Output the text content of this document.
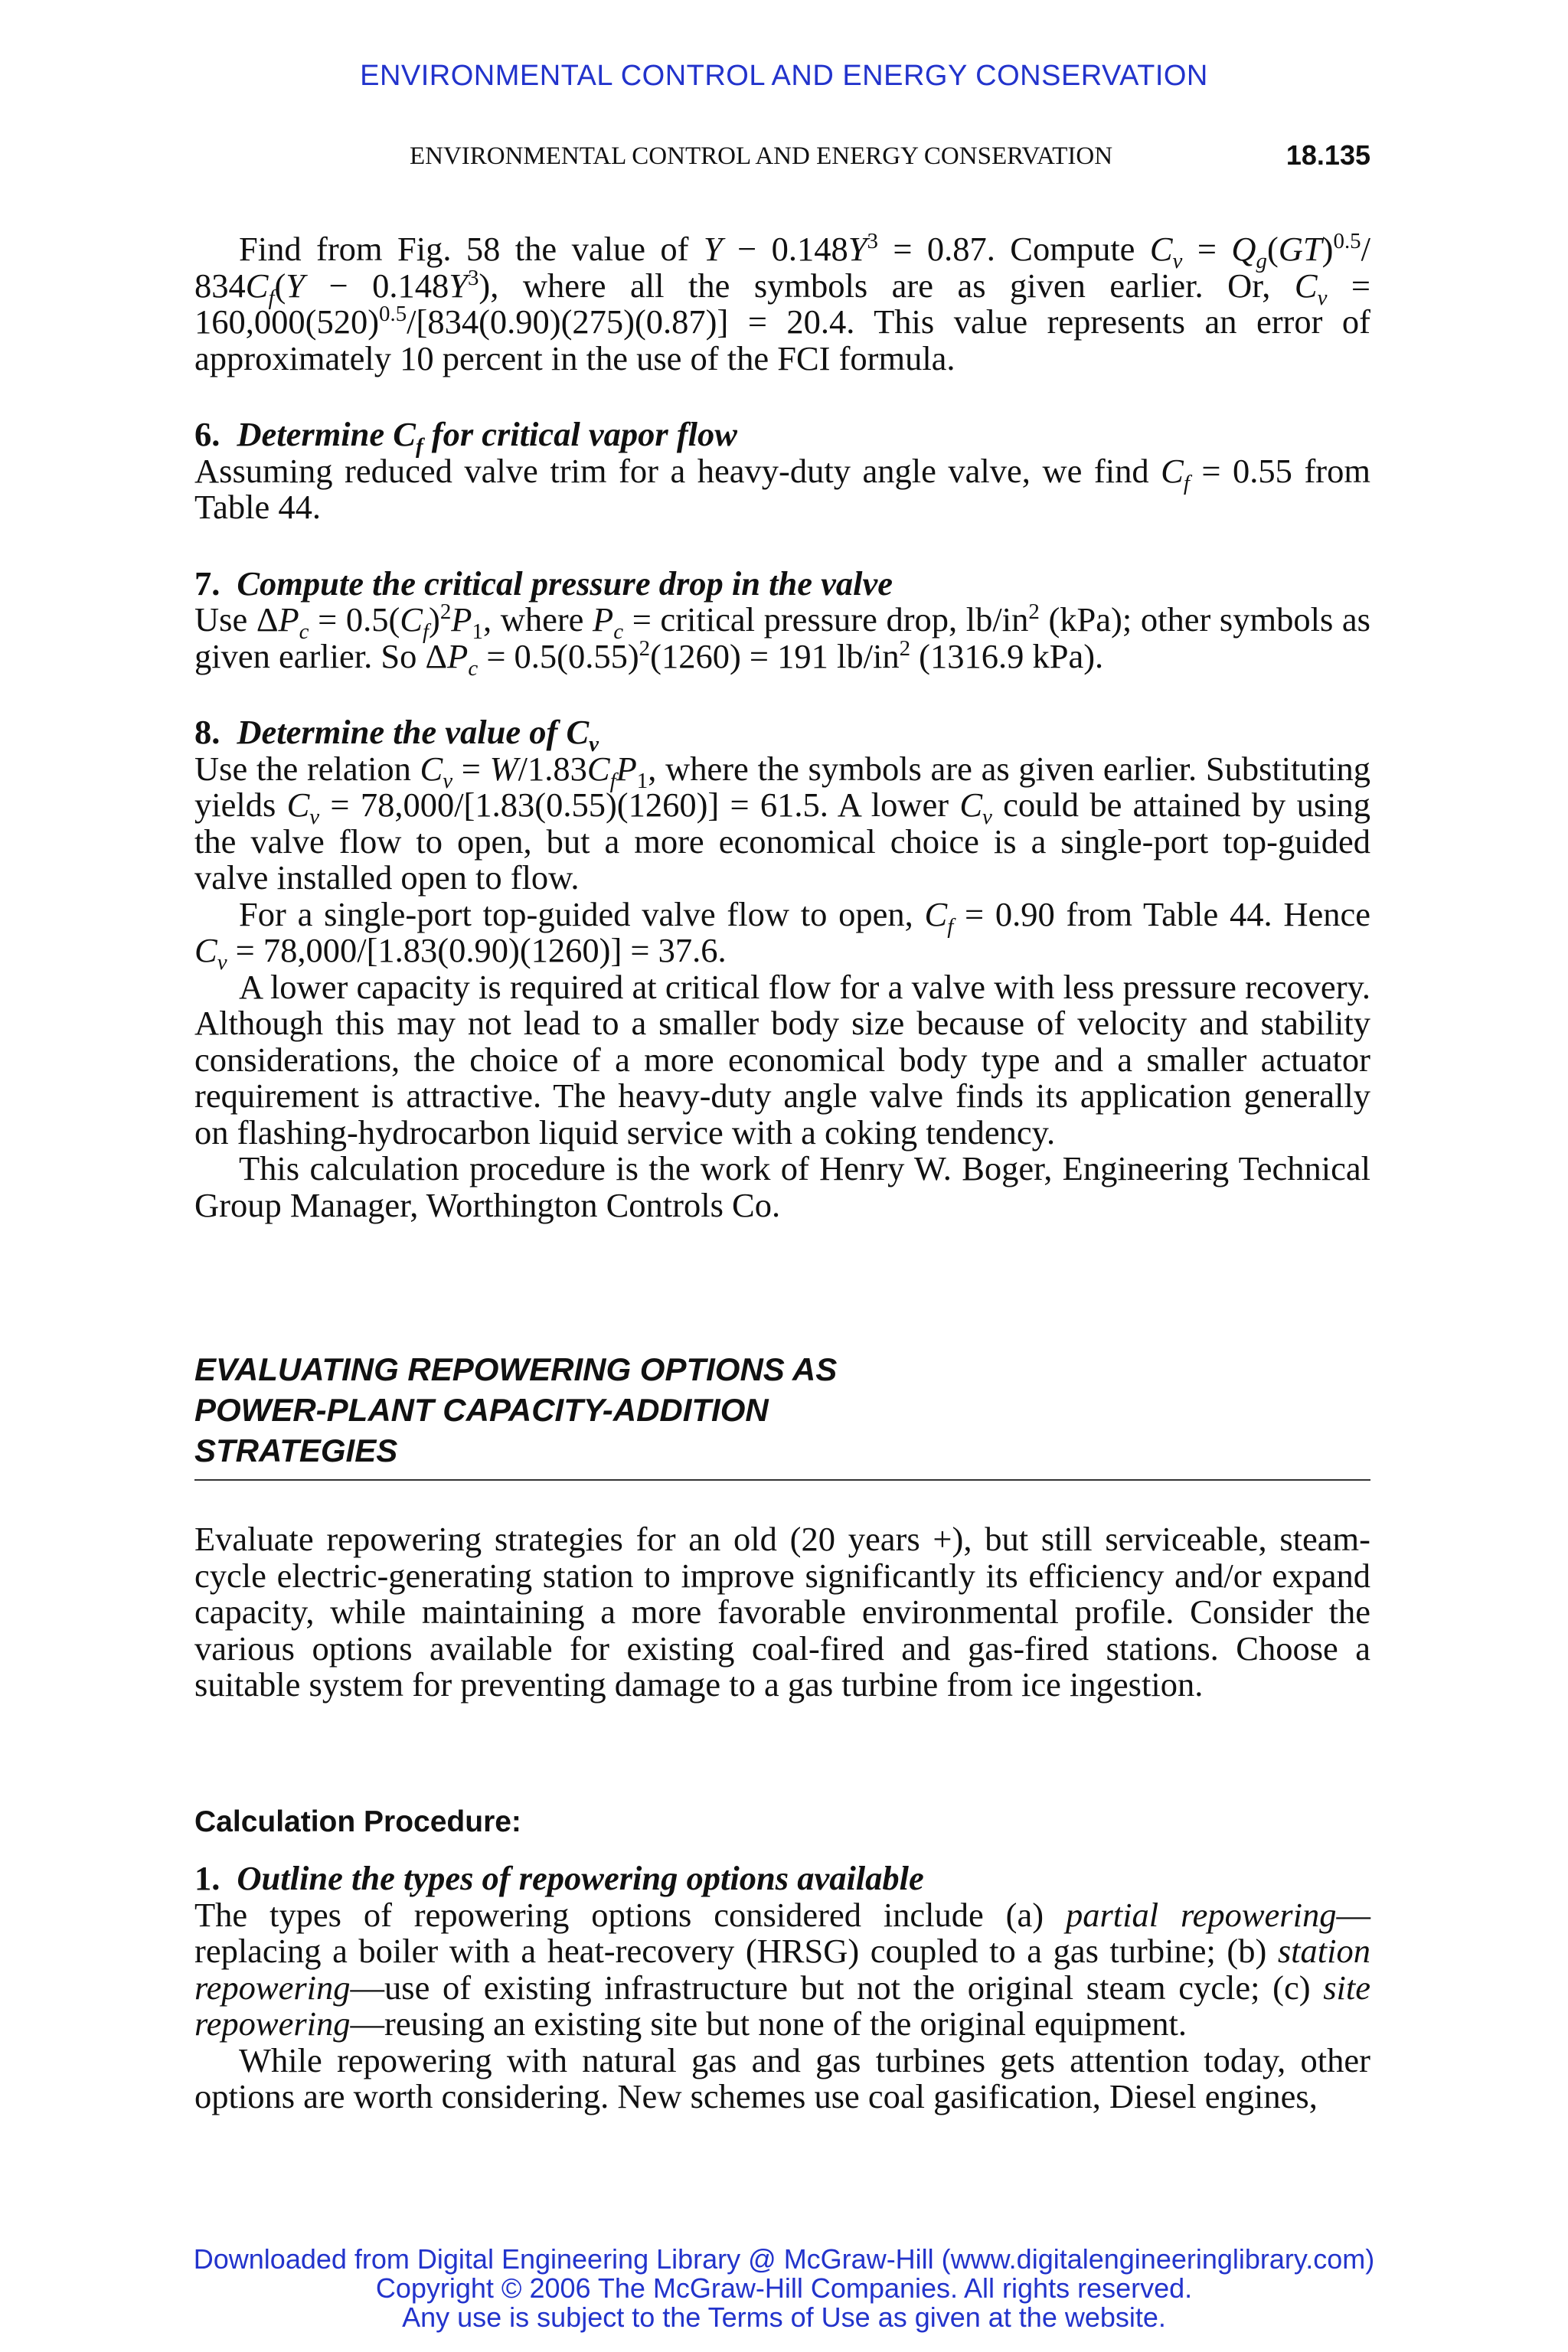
ENVIRONMENTAL CONTROL AND ENERGY CONSERVATION
ENVIRONMENTAL CONTROL AND ENERGY CONSERVATION	18.135

Find from Fig. 58 the value of $Y - 0.148Y^3 = 0.87$. Compute $C_v = Q_g(GT)^{0.5}/$ $834C_f(Y - 0.148Y^3)$, where all the symbols are as given earlier. Or, $C_v = 160,000(520)^{0.5}/[834(0.90)(275)(0.87)] = 20.4$. This value represents an error of approximately 10 percent in the use of the FCI formula.

6. Determine $C_f$ for critical vapor flow

Assuming reduced valve trim for a heavy-duty angle valve, we find $C_f = 0.55$ from Table 44.

7. Compute the critical pressure drop in the valve

Use $\Delta P_c = 0.5(C_f)^2P_1$, where $P_c$ = critical pressure drop, $lb/in^2$ (kPa); other symbols as given earlier. So $\Delta P_c = 0.5(0.55)^2(1260) = 191$ $lb/in^2$ (1316.9 kPa).

8. Determine the value of $C_v$

Use the relation $C_v = W/1.83C_fP_1$, where the symbols are as given earlier. Substituting yields $C_v = 78,000/[1.83(0.55)(1260)] = 61.5$. A lower $C_v$ could be attained by using the valve flow to open, but a more economical choice is a single-port top-guided valve installed open to flow.

For a single-port top-guided valve flow to open, $C_f = 0.90$ from Table 44. Hence $C_v = 78,000/[1.83(0.90)(1260)] = 37.6$.

A lower capacity is required at critical flow for a valve with less pressure recovery. Although this may not lead to a smaller body size because of velocity and stability considerations, the choice of a more economical body type and a smaller actuator requirement is attractive. The heavy-duty angle valve finds its application generally on flashing-hydrocarbon liquid service with a coking tendency.

This calculation procedure is the work of Henry W. Boger, Engineering Technical Group Manager, Worthington Controls Co.

EVALUATING REPOWERING OPTIONS AS
POWER-PLANT CAPACITY-ADDITION
STRATEGIES

Evaluate repowering strategies for an old (20 years +), but still serviceable, steam-cycle electric-generating station to improve significantly its efficiency and/or expand capacity, while maintaining a more favorable environmental profile. Consider the various options available for existing coal-fired and gas-fired stations. Choose a suitable system for preventing damage to a gas turbine from ice ingestion.

Calculation Procedure:

1. Outline the types of repowering options available

The types of repowering options considered include (a) partial repowering—replacing a boiler with a heat-recovery (HRSG) coupled to a gas turbine; (b) station repowering—use of existing infrastructure but not the original steam cycle; (c) site repowering—reusing an existing site but none of the original equipment.

While repowering with natural gas and gas turbines gets attention today, other options are worth considering. New schemes use coal gasification, Diesel engines,

Downloaded from Digital Engineering Library @ McGraw-Hill (www.digitalengineeringlibrary.com)
Copyright © 2006 The McGraw-Hill Companies. All rights reserved.
Any use is subject to the Terms of Use as given at the website.
